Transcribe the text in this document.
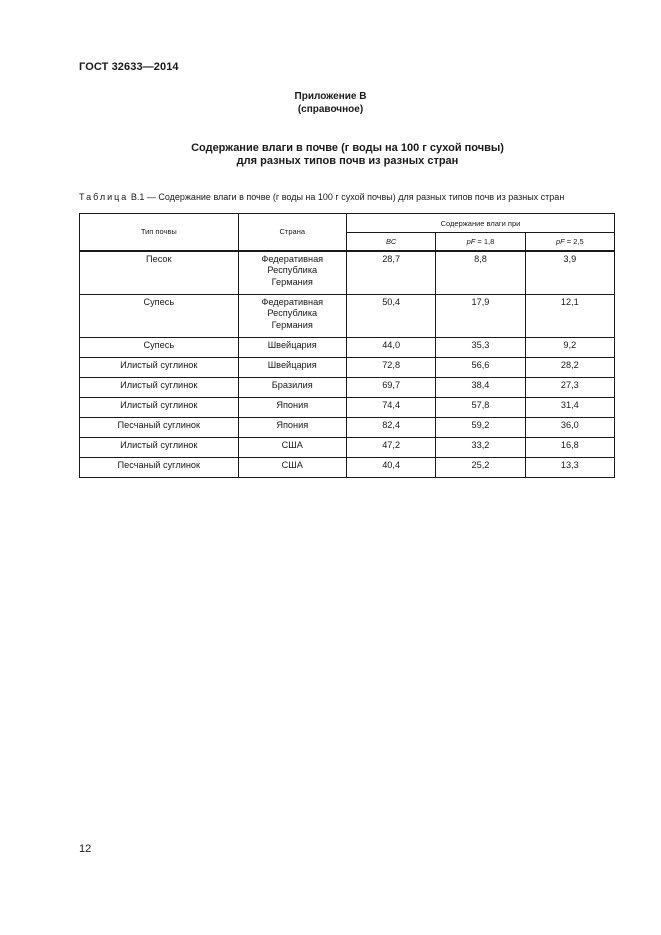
ГОСТ 32633—2014
Приложение В
(справочное)
Содержание влаги в почве (г воды на 100 г сухой почвы)
для разных типов почв из разных стран
Таблица В.1 — Содержание влаги в почве (г воды на 100 г сухой почвы) для разных типов почв из разных стран
Тип почвы	Страна	Содержание влаги при		
		ВС	pF = 1,8	pF = 2,5
Песок	Федеративная
Республика
Германия	28,7	8,8	3,9
Супесь	Федеративная
Республика
Германия	50,4	17,9	12,1
Супесь	Швейцария	44,0	35,3	9,2
Илистый суглинок	Швейцария	72,8	56,6	28,2
Илистый суглинок	Бразилия	69,7	38,4	27,3
Илистый суглинок	Япония	74,4	57,8	31,4
Песчаный суглинок	Япония	82,4	59,2	36,0
Илистый суглинок	США	47,2	33,2	16,8
Песчаный суглинок	США	40,4	25,2	13,3
12
